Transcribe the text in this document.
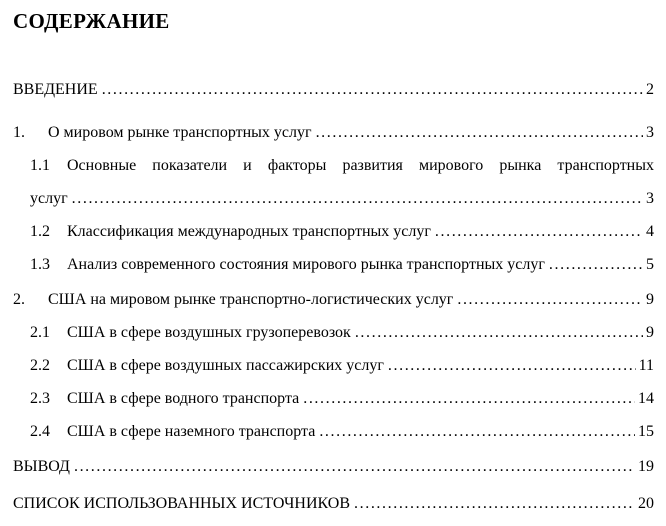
СОДЕРЖАНИЕ
ВВЕДЕНИЕ .....	2
1.	О мировом рынке транспортных услуг .....	3
1.1	Основные показатели и факторы развития мирового рынка транспортных
услуг .....	3
1.2	Классификация международных транспортных услуг .....	4
1.3	Анализ современного состояния мирового рынка транспортных услуг .....	5
2.	США на мировом рынке транспортно-логистических услуг .....	9
2.1	США в сфере воздушных грузоперевозок .....	9
2.2	США в сфере воздушных пассажирских услуг .....	11
2.3	США в сфере водного транспорта .....	14
2.4	США в сфере наземного транспорта .....	15
ВЫВОД .....	19
СПИСОК ИСПОЛЬЗОВАННЫХ ИСТОЧНИКОВ .....	20
